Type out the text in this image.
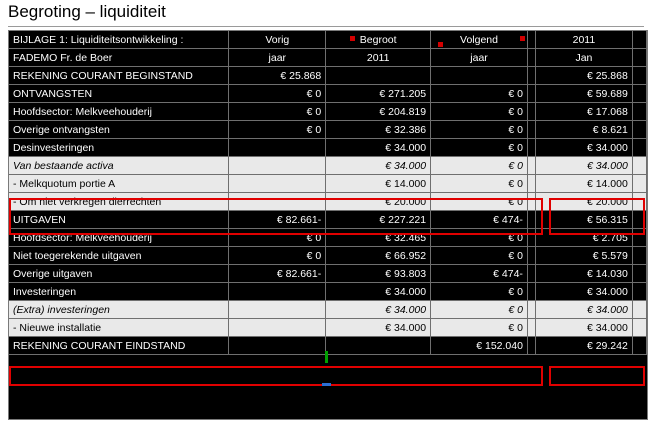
Begroting – liquiditeit
BIJLAGE 1: Liquiditeitsontwikkeling :	Vorig	Begroot	Volgend		2011	
FADEMO Fr. de Boer	jaar	2011	jaar		Jan	
REKENING COURANT BEGINSTAND	€ 25.868				€ 25.868	
ONTVANGSTEN	€ 0	€ 271.205	€ 0		€ 59.689	
Hoofdsector: Melkveehouderij	€ 0	€ 204.819	€ 0		€ 17.068	
Overige ontvangsten	€ 0	€ 32.386	€ 0		€ 8.621	
Desinvesteringen		€ 34.000	€ 0		€ 34.000	
Van bestaande activa		€ 34.000	€ 0		€ 34.000	
- Melkquotum portie A		€ 14.000	€ 0		€ 14.000	
- Om niet verkregen dierrechten		€ 20.000	€ 0		€ 20.000	
UITGAVEN	€ 82.661-	€ 227.221	€ 474-		€ 56.315	
Hoofdsector: Melkveehouderij	€ 0	€ 32.465	€ 0		€ 2.705	
Niet toegerekende uitgaven	€ 0	€ 66.952	€ 0		€ 5.579	
Overige uitgaven	€ 82.661-	€ 93.803	€ 474-		€ 14.030	
Investeringen		€ 34.000	€ 0		€ 34.000	
(Extra) investeringen		€ 34.000	€ 0		€ 34.000	
- Nieuwe installatie		€ 34.000	€ 0		€ 34.000	
REKENING COURANT EINDSTAND			€ 152.040		€ 29.242	
